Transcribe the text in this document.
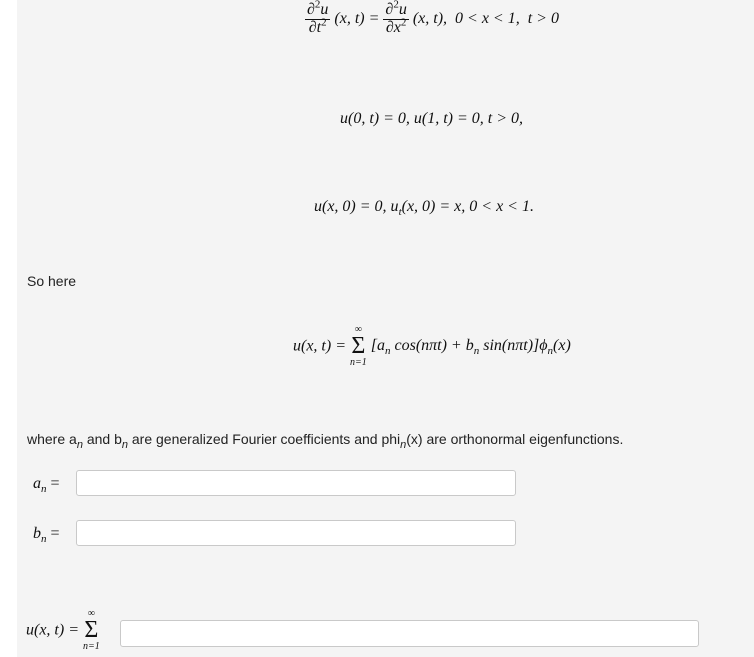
$\frac{\partial^2u}{\partial t^2} (x$, $t) = \frac{\partial^2u}{\partial x^2} (x$, t), 0 < x < 1, t > 0
u(0, t) = 0, u(1, t) = 0, t > 0,
u(x, 0) = 0, $u_t(x$, 0) = x, 0 < x < 1.
So here
u(x, t) =
∞
Σ
n=1
[$a_n$ $\cos(n\pi t) + b_n$ $\sin(n\pi t)]\phi_n(x)$
where $a_n$ and $b_n$ are generalized Fourier coefficients and phi$_n$(x) are orthonormal eigenfunctions.
$a_n$ =
$b_n$ =
u(x, t) =
∞
Σ
n=1
